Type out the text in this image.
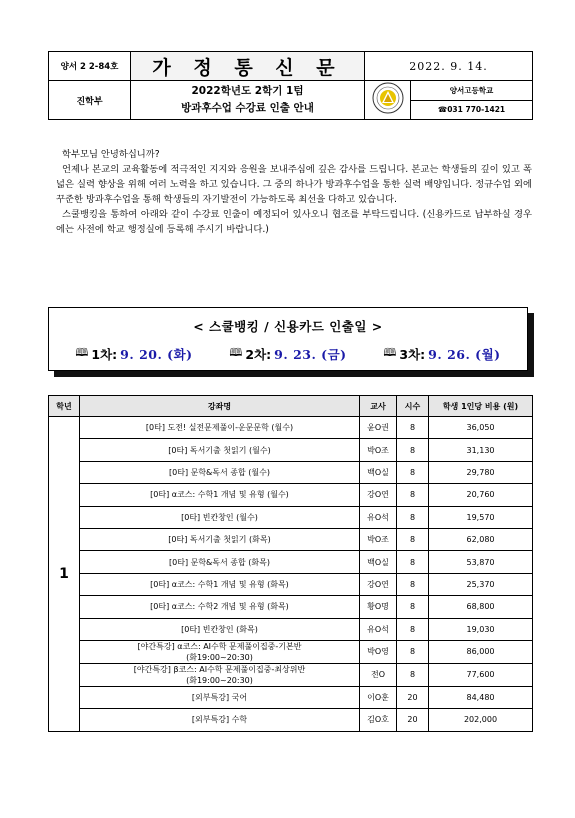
양서 2 2-84호	가 정 통 신 문	2022. 9. 14.	
진학부	2022학년도 2학기 1텀
방과후수업 수강료 인출 안내		양서고등학교
			☎031 770-1421

학부모님 안녕하십니까?

언제나 본교의 교육활동에 적극적인 지지와 응원을 보내주심에 깊은 감사를 드립니다. 본교는 학생들의 깊이 있고 폭넓은 실력 향상을 위해 여러 노력을 하고 있습니다. 그 중의 하나가 방과후수업을 통한 실력 배양입니다. 정규수업 외에 꾸준한 방과후수업을 통해 학생들의 자기발전이 가능하도록 최선을 다하고 있습니다.

스쿨뱅킹을 통하여 아래와 같이 수강료 인출이 예정되어 있사오니 협조를 부탁드립니다. (신용카드로 납부하실 경우에는 사전에 학교 행정실에 등록해 주시기 바랍니다.)

< 스쿨뱅킹 / 신용카드 인출일 >
🕮 1차: 9. 20. (화)	🕮 2차: 9. 23. (금)	🕮 3차: 9. 26. (월)
학년	강좌명	교사	시수	학생 1인당 비용 (원)
1	[0타] 도전! 실전문제풀이-운문문학 (월수)	윤O권	8	36,050

	[0타] 독서기출 첫읽기 (월수)	박O조	8	31,130

	[0타] 문학&독서 종합 (월수)	백O실	8	29,780

	[0타] α코스: 수학1 개념 및 유형 (월수)	강O연	8	20,760

	[0타] 빈칸창인 (월수)	유O석	8	19,570

	[0타] 독서기출 첫읽기 (화목)	박O조	8	62,080

	[0타] 문학&독서 종합 (화목)	백O실	8	53,870

	[0타] α코스: 수학1 개념 및 유형 (화목)	강O연	8	25,370

	[0타] α코스: 수학2 개념 및 유형 (화목)	황O명	8	68,800

	[0타] 빈칸창인 (화목)	유O석	8	19,030

	[야간특강] α코스: AI수학 문제풀이집중-기본반
(화19:00~20:30)	박O영	8	86,000

	[야간특강] β코스: AI수학 문제풀이집중-최상위반
(화19:00~20:30)	전O	8	77,600

	[외부특강] 국어	이O훈	20	84,480

	[외부특강] 수학	김O호	20	202,000
